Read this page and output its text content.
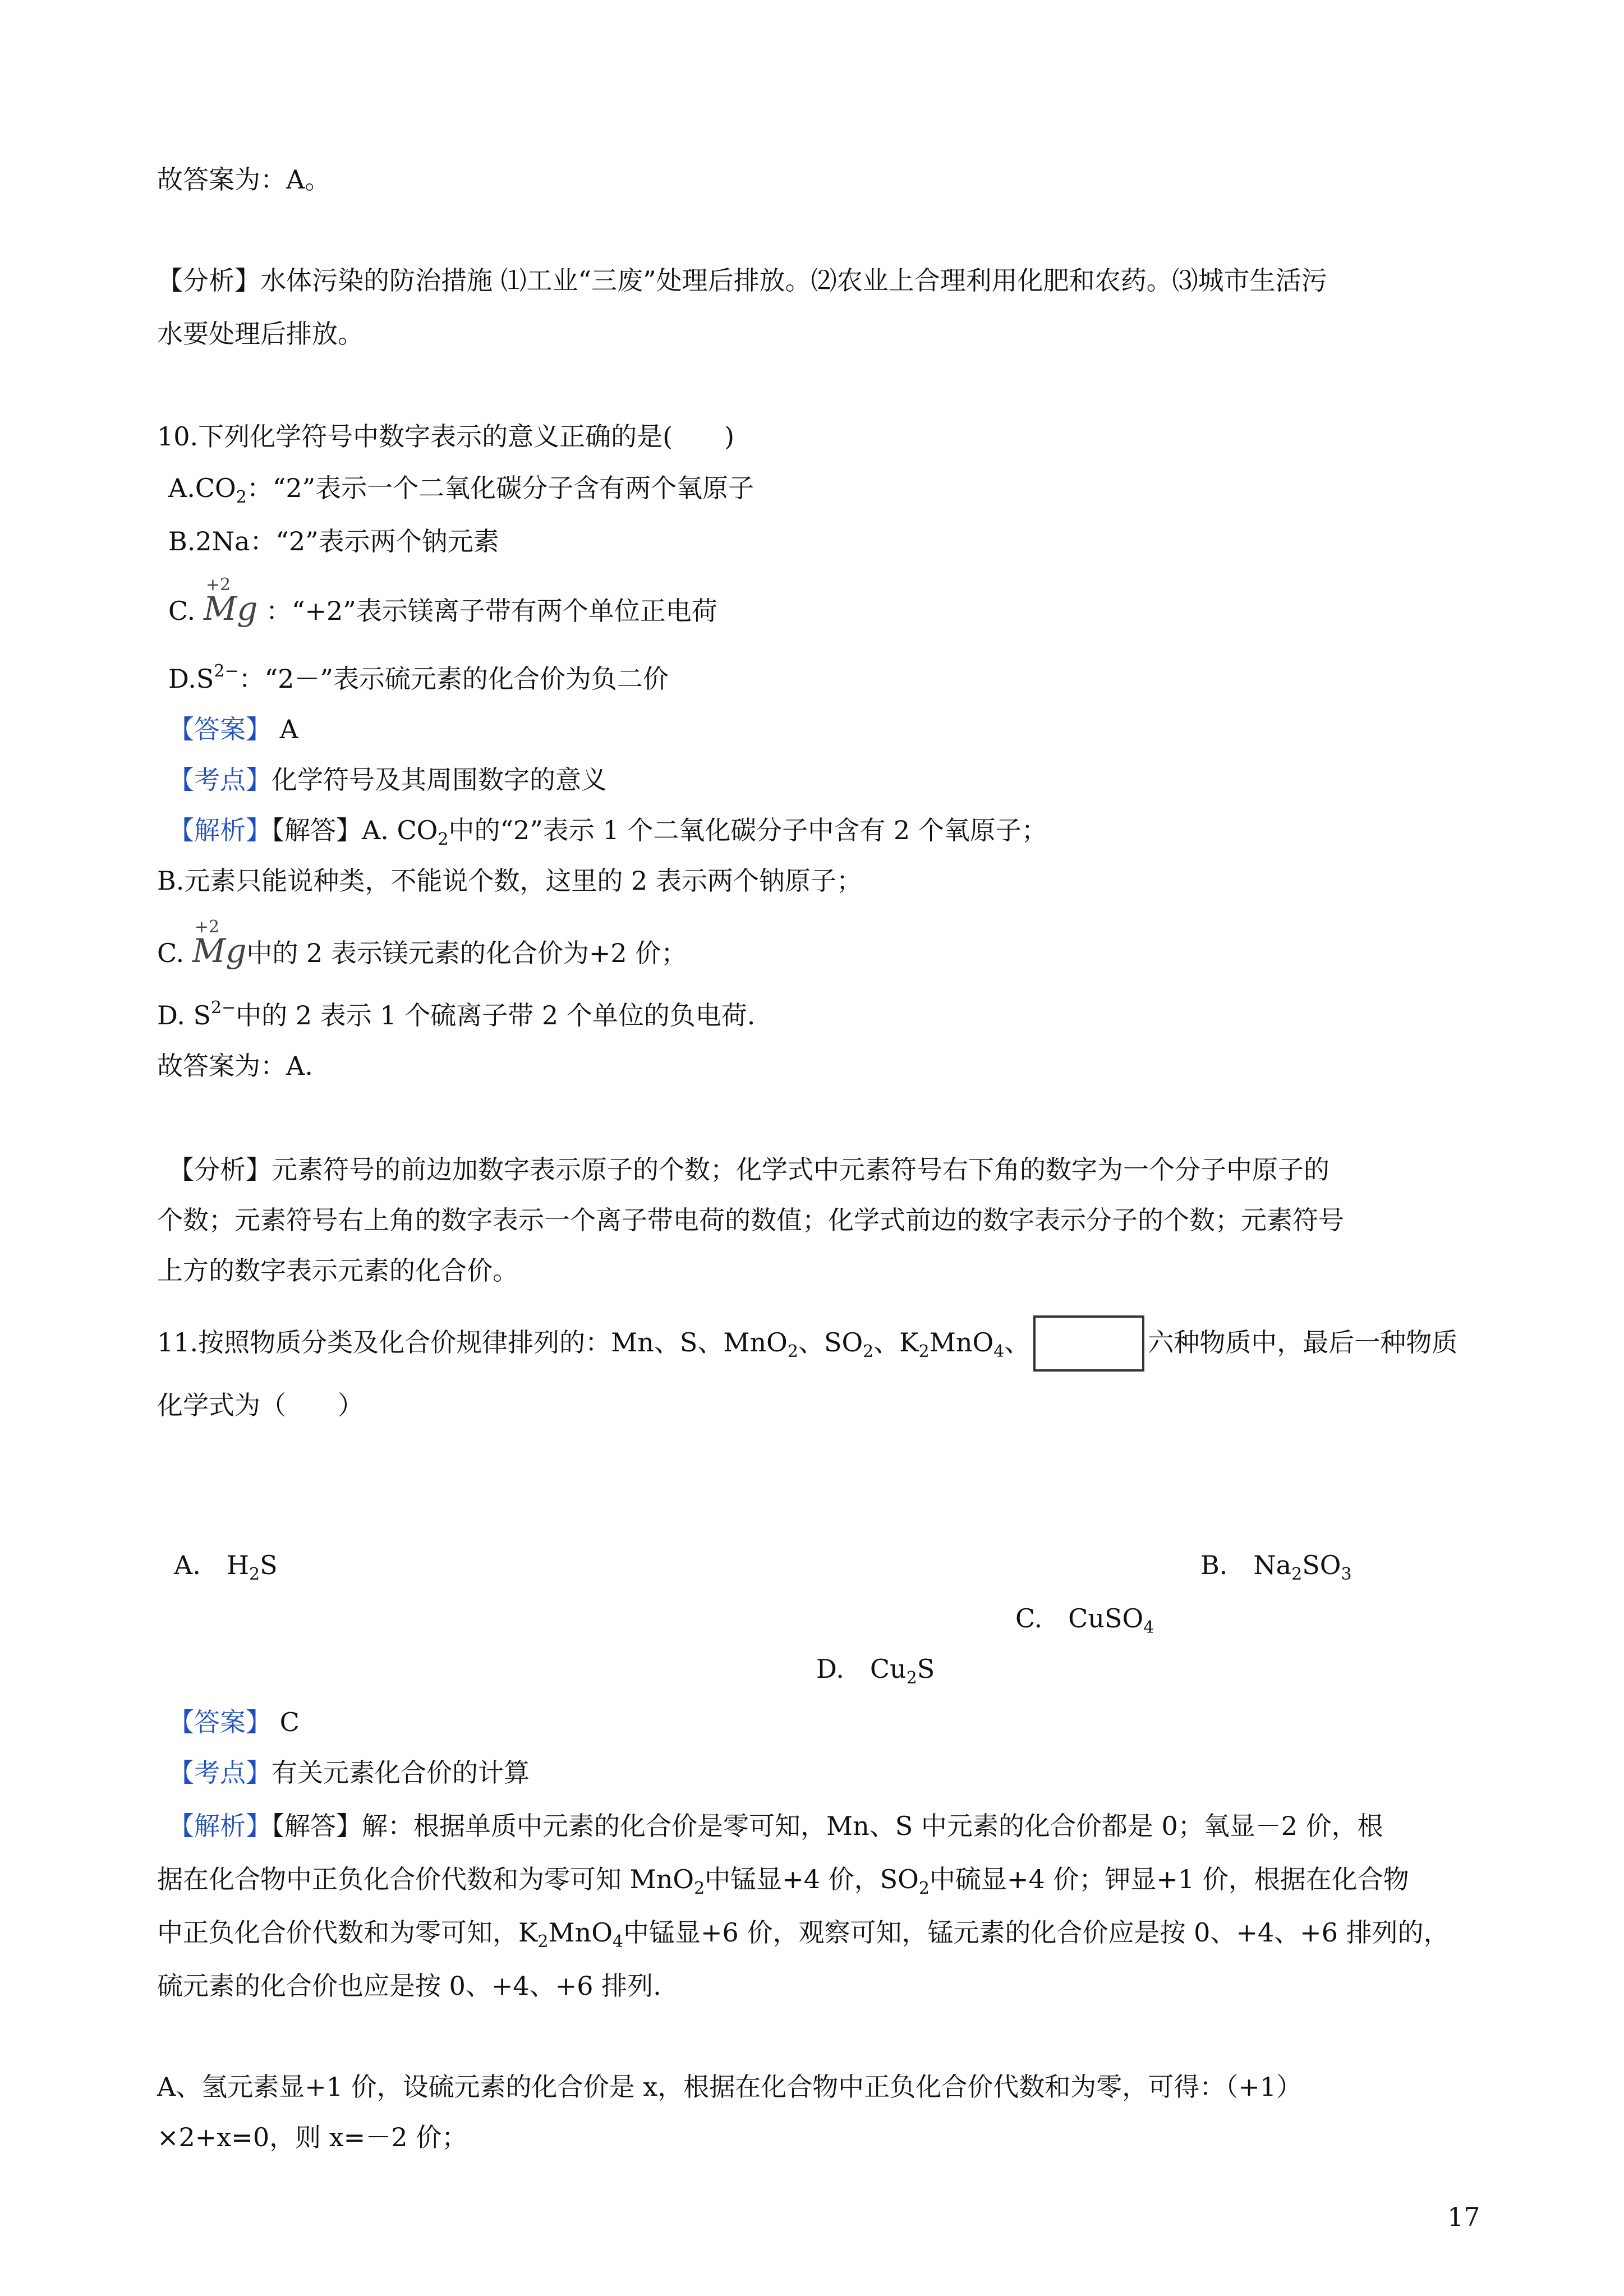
故答案为：A。
【分析】水体污染的防治措施 ⑴工业“三废”处理后排放。⑵农业上合理利用化肥和农药。⑶城市生活污
水要处理后排放。
10.下列化学符号中数字表示的意义正确的是(　　)
$A.CO_2$：“2”表示一个二氧化碳分子含有两个氧原子
B.2Na：“2”表示两个钠元素
C.
+2
Mg ：“+2”表示镁离子带有两个单位正电荷
$D.S^{2-}$：“2－”表示硫元素的化合价为负二价
【答案】 A
【考点】化学符号及其周围数字的意义
【解析】【解答】A. $CO_2$中的“2”表示 1 个二氧化碳分子中含有 2 个氧原子；
B.元素只能说种类，不能说个数，这里的 2 表示两个钠原子；
C.
+2
Mg中的 2 表示镁元素的化合价为+2 价；
D. $S^{2-}$中的 2 表示 1 个硫离子带 2 个单位的负电荷.
故答案为：A.
【分析】元素符号的前边加数字表示原子的个数；化学式中元素符号右下角的数字为一个分子中原子的
个数；元素符号右上角的数字表示一个离子带电荷的数值；化学式前边的数字表示分子的个数；元素符号
上方的数字表示元素的化合价。
11.按照物质分类及化合价规律排列的：Mn、S、MnO$_2$、$SO_2$、$K_2MnO_4$、	六种物质中，最后一种物质
化学式为（　　）
A.　$H_2S$	B.　$Na_2SO_3$
C.　CuSO$_4$
D.　$Cu_2S$
【答案】 C
【考点】有关元素化合价的计算
【解析】【解答】解：根据单质中元素的化合价是零可知，Mn、S 中元素的化合价都是 0；氧显－2 价，根
据在化合物中正负化合价代数和为零可知 MnO$_2$中锰显+4 价，$SO_2$中硫显+4 价；钾显+1 价，根据在化合物
中正负化合价代数和为零可知，$K_2MnO_4$中锰显+6 价，观察可知，锰元素的化合价应是按 0、+4、+6 排列的，
硫元素的化合价也应是按 0、+4、+6 排列.
A、氢元素显+1 价，设硫元素的化合价是 x，根据在化合物中正负化合价代数和为零，可得：（+1）
×2+x=0，则 x=－2 价；
17
